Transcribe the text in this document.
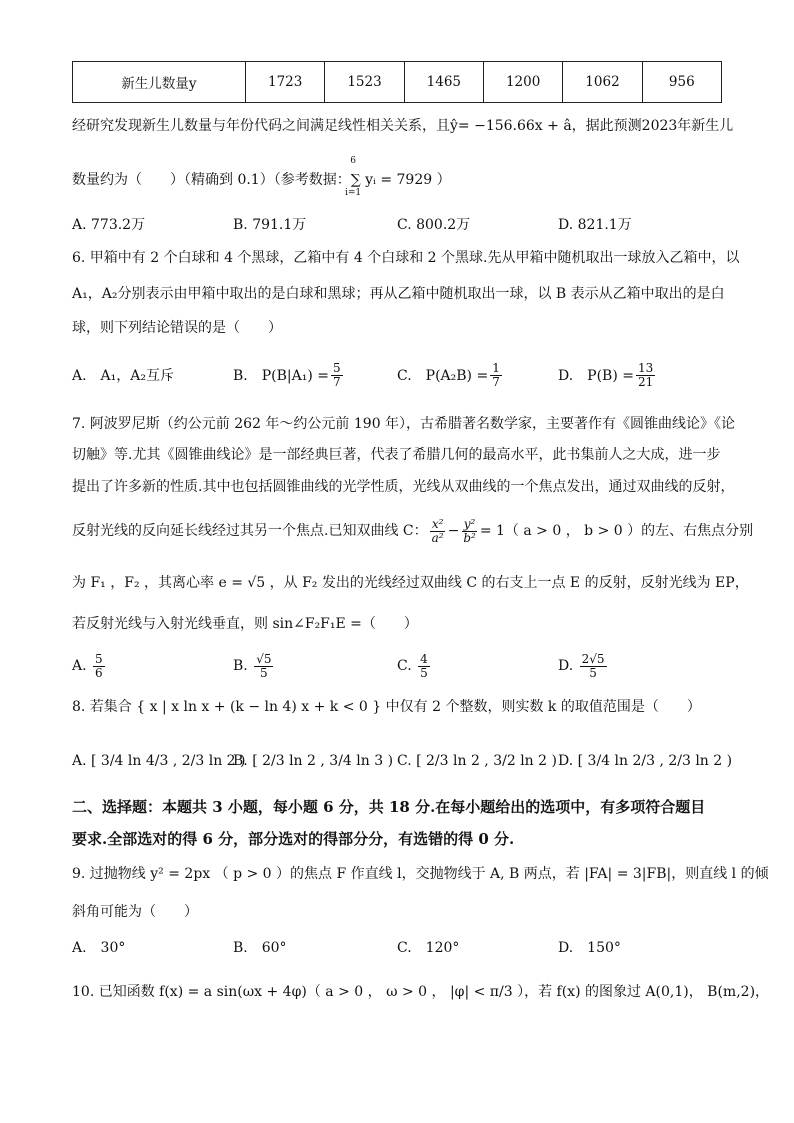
新生儿数量y	1723	1523	1465	1200	1062	956
经研究发现新生儿数量与年份代码之间满足线性相关关系，且ŷ= −156.66x + â，据此预测2023年新生儿
数量约为（　　）（精确到 0.1）（参考数据：∑ yᵢ = 7929 ）
6
i=1
A. 773.2万	B. 791.1万	C. 800.2万	D. 821.1万
6. 甲箱中有 2 个白球和 4 个黑球，乙箱中有 4 个白球和 2 个黑球.先从甲箱中随机取出一球放入乙箱中，以
A₁，A₂分别表示由甲箱中取出的是白球和黑球；再从乙箱中随机取出一球，以 B 表示从乙箱中取出的是白
球，则下列结论错误的是（　　）
A.　A₁，A₂互斥	B.　$P(B|A_1) = \frac{5}{7}$	C.　$P(A_2B) = \frac{1}{7}$	D.　$P(B) = \frac{13}{21}$
7. 阿波罗尼斯（约公元前 262 年～约公元前 190 年），古希腊著名数学家，主要著作有《圆锥曲线论》《论
切触》等.尤其《圆锥曲线论》是一部经典巨著，代表了希腊几何的最高水平，此书集前人之大成，进一步
提出了许多新的性质.其中也包括圆锥曲线的光学性质，光线从双曲线的一个焦点发出，通过双曲线的反射，
反射光线的反向延长线经过其另一个焦点.已知双曲线 C： $\frac{\text{x²}}{\text{a²}} - \frac{\text{y²}}{\text{b²}} = 1$ （ a > 0 ， b > 0 ）的左、右焦点分别
为 F₁ ，F₂ ，其离心率 e = √5 ，从 F₂ 发出的光线经过双曲线 C 的右支上一点 E 的反射，反射光线为 EP，
若反射光线与入射光线垂直，则 sin∠F₂F₁E =（　　）
A.
$\frac{5}{6}$	B.
$\frac{√5}{5}$	C.
$\frac{4}{5}$	D.
$\frac{2√5}{5}$
8. 若集合 { x | x ln x + (k − ln 4) x + k < 0 } 中仅有 2 个整数，则实数 k 的取值范围是（　　）
A. [ 3/4 ln 4/3 , 2/3 ln 2 )
B. [ 2/3 ln 2 , 3/4 ln 3 ) C. [ 2/3 ln 2 , 3/2 ln 2 ) D. [ 3/4 ln 2/3 , 2/3 ln 2 )
二、选择题：本题共 3 小题，每小题 6 分，共 18 分.在每小题给出的选项中，有多项符合题目
要求.全部选对的得 6 分，部分选对的得部分分，有选错的得 0 分.
9. 过抛物线 y² = 2px （ p > 0 ）的焦点 F 作直线 l，交抛物线于 A, B 两点，若 |FA| = 3|FB|，则直线 l 的倾
斜角可能为（　　）
A.　30°	B.　60°	C.　120°	D.　150°
10. 已知函数 f(x) = a sin(ωx + 4φ)（ a > 0 ， ω > 0 ， |φ| < π/3 ），若 f(x) 的图象过 A(0,1)， B(m,2)，
